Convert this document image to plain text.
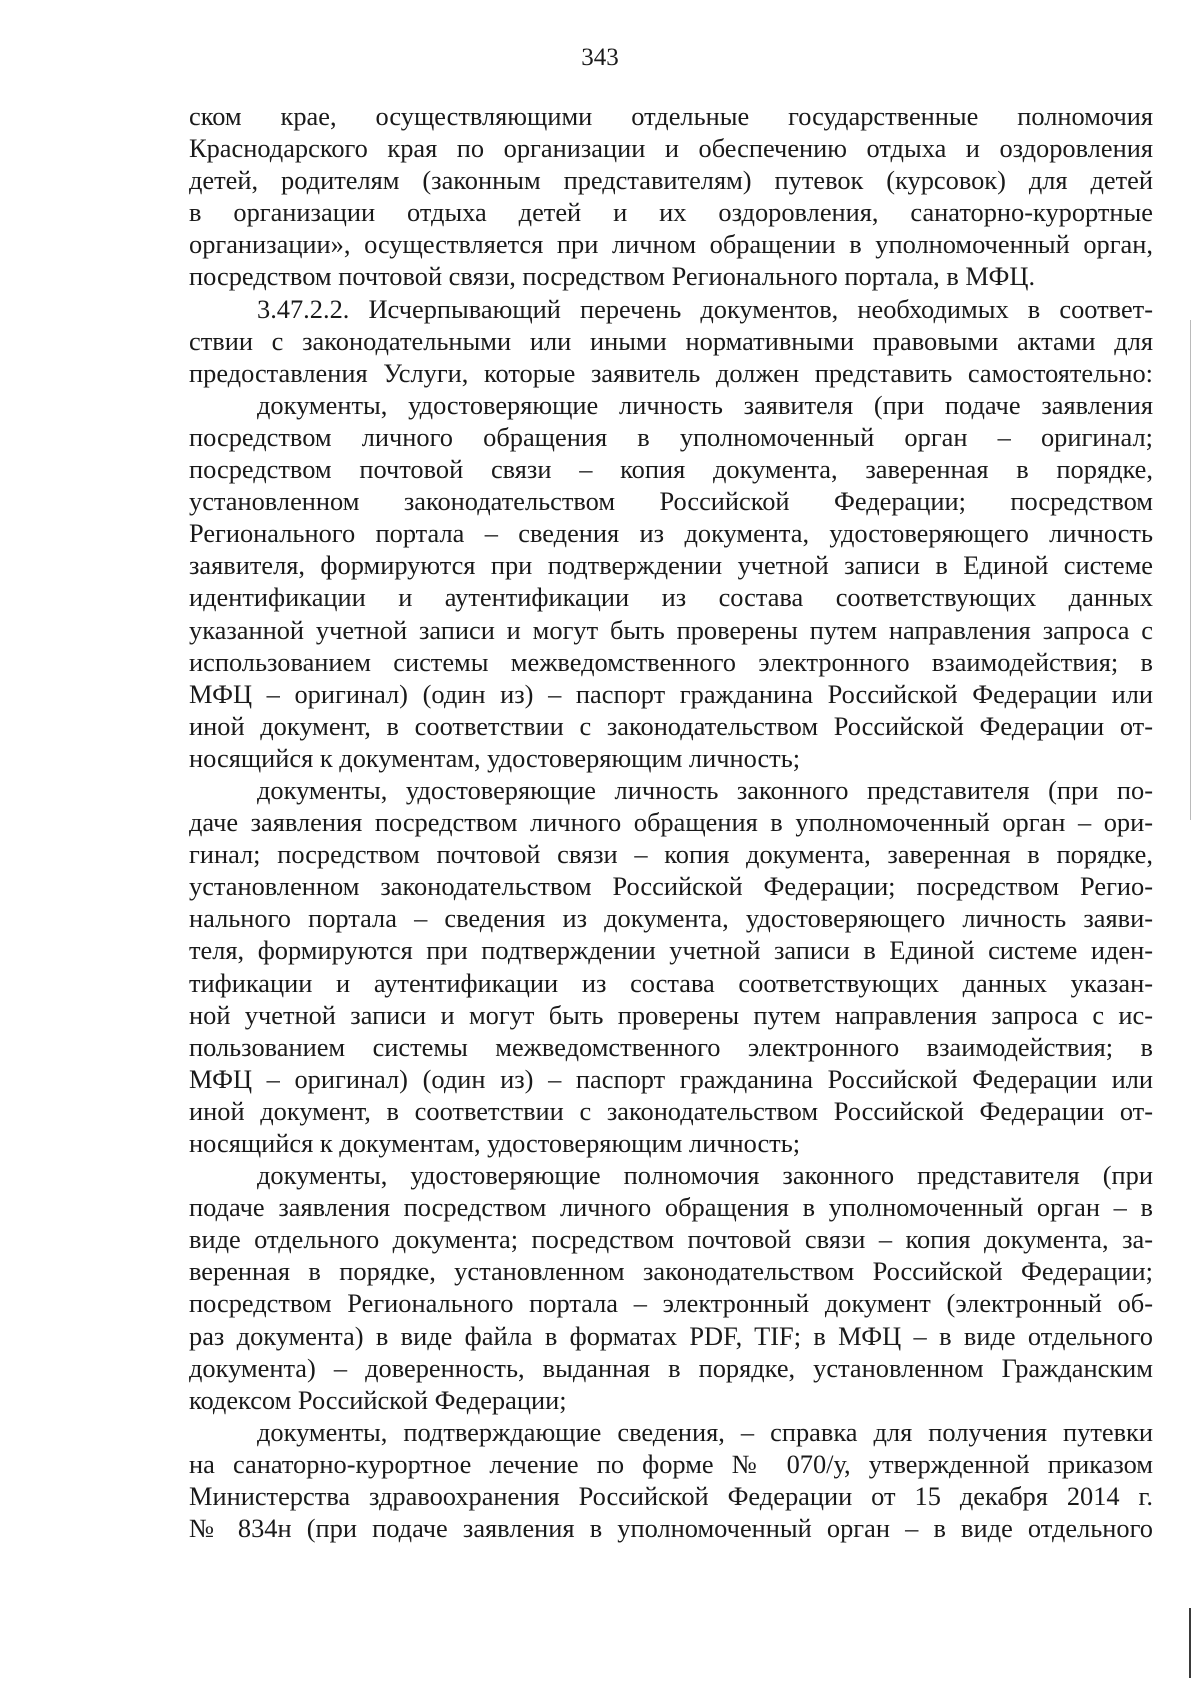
343
ском крае, осуществляющими отдельные государственные полномочия
Краснодарского края по организации и обеспечению отдыха и оздоровления
детей, родителям (законным представителям) путевок (курсовок) для детей
в организации отдыха детей и их оздоровления, санаторно-курортные
организации», осуществляется при личном обращении в уполномоченный орган,
посредством почтовой связи, посредством Регионального портала, в МФЦ.
3.47.2.2. Исчерпывающий перечень документов, необходимых в соответ-
ствии с законодательными или иными нормативными правовыми актами для
предоставления Услуги, которые заявитель должен представить самостоятельно:
документы, удостоверяющие личность заявителя (при подаче заявления
посредством личного обращения в уполномоченный орган – оригинал;
посредством почтовой связи – копия документа, заверенная в порядке,
установленном законодательством Российской Федерации; посредством
Регионального портала – сведения из документа, удостоверяющего личность
заявителя, формируются при подтверждении учетной записи в Единой системе
идентификации и аутентификации из состава соответствующих данных
указанной учетной записи и могут быть проверены путем направления запроса с
использованием системы межведомственного электронного взаимодействия; в
МФЦ – оригинал) (один из) – паспорт гражданина Российской Федерации или
иной документ, в соответствии с законодательством Российской Федерации от-
носящийся к документам, удостоверяющим личность;
документы, удостоверяющие личность законного представителя (при по-
даче заявления посредством личного обращения в уполномоченный орган – ори-
гинал; посредством почтовой связи – копия документа, заверенная в порядке,
установленном законодательством Российской Федерации; посредством Регио-
нального портала – сведения из документа, удостоверяющего личность заяви-
теля, формируются при подтверждении учетной записи в Единой системе иден-
тификации и аутентификации из состава соответствующих данных указан-
ной учетной записи и могут быть проверены путем направления запроса с ис-
пользованием системы межведомственного электронного взаимодействия; в
МФЦ – оригинал) (один из) – паспорт гражданина Российской Федерации или
иной документ, в соответствии с законодательством Российской Федерации от-
носящийся к документам, удостоверяющим личность;
документы, удостоверяющие полномочия законного представителя (при
подаче заявления посредством личного обращения в уполномоченный орган – в
виде отдельного документа; посредством почтовой связи – копия документа, за-
веренная в порядке, установленном законодательством Российской Федерации;
посредством Регионального портала – электронный документ (электронный об-
раз документа) в виде файла в форматах PDF, TIF; в МФЦ – в виде отдельного
документа) – доверенность, выданная в порядке, установленном Гражданским
кодексом Российской Федерации;
документы, подтверждающие сведения, – справка для получения путевки
на санаторно-курортное лечение по форме № 070/у, утвержденной приказом
Министерства здравоохранения Российской Федерации от 15 декабря 2014 г.
№ 834н (при подаче заявления в уполномоченный орган – в виде отдельного
